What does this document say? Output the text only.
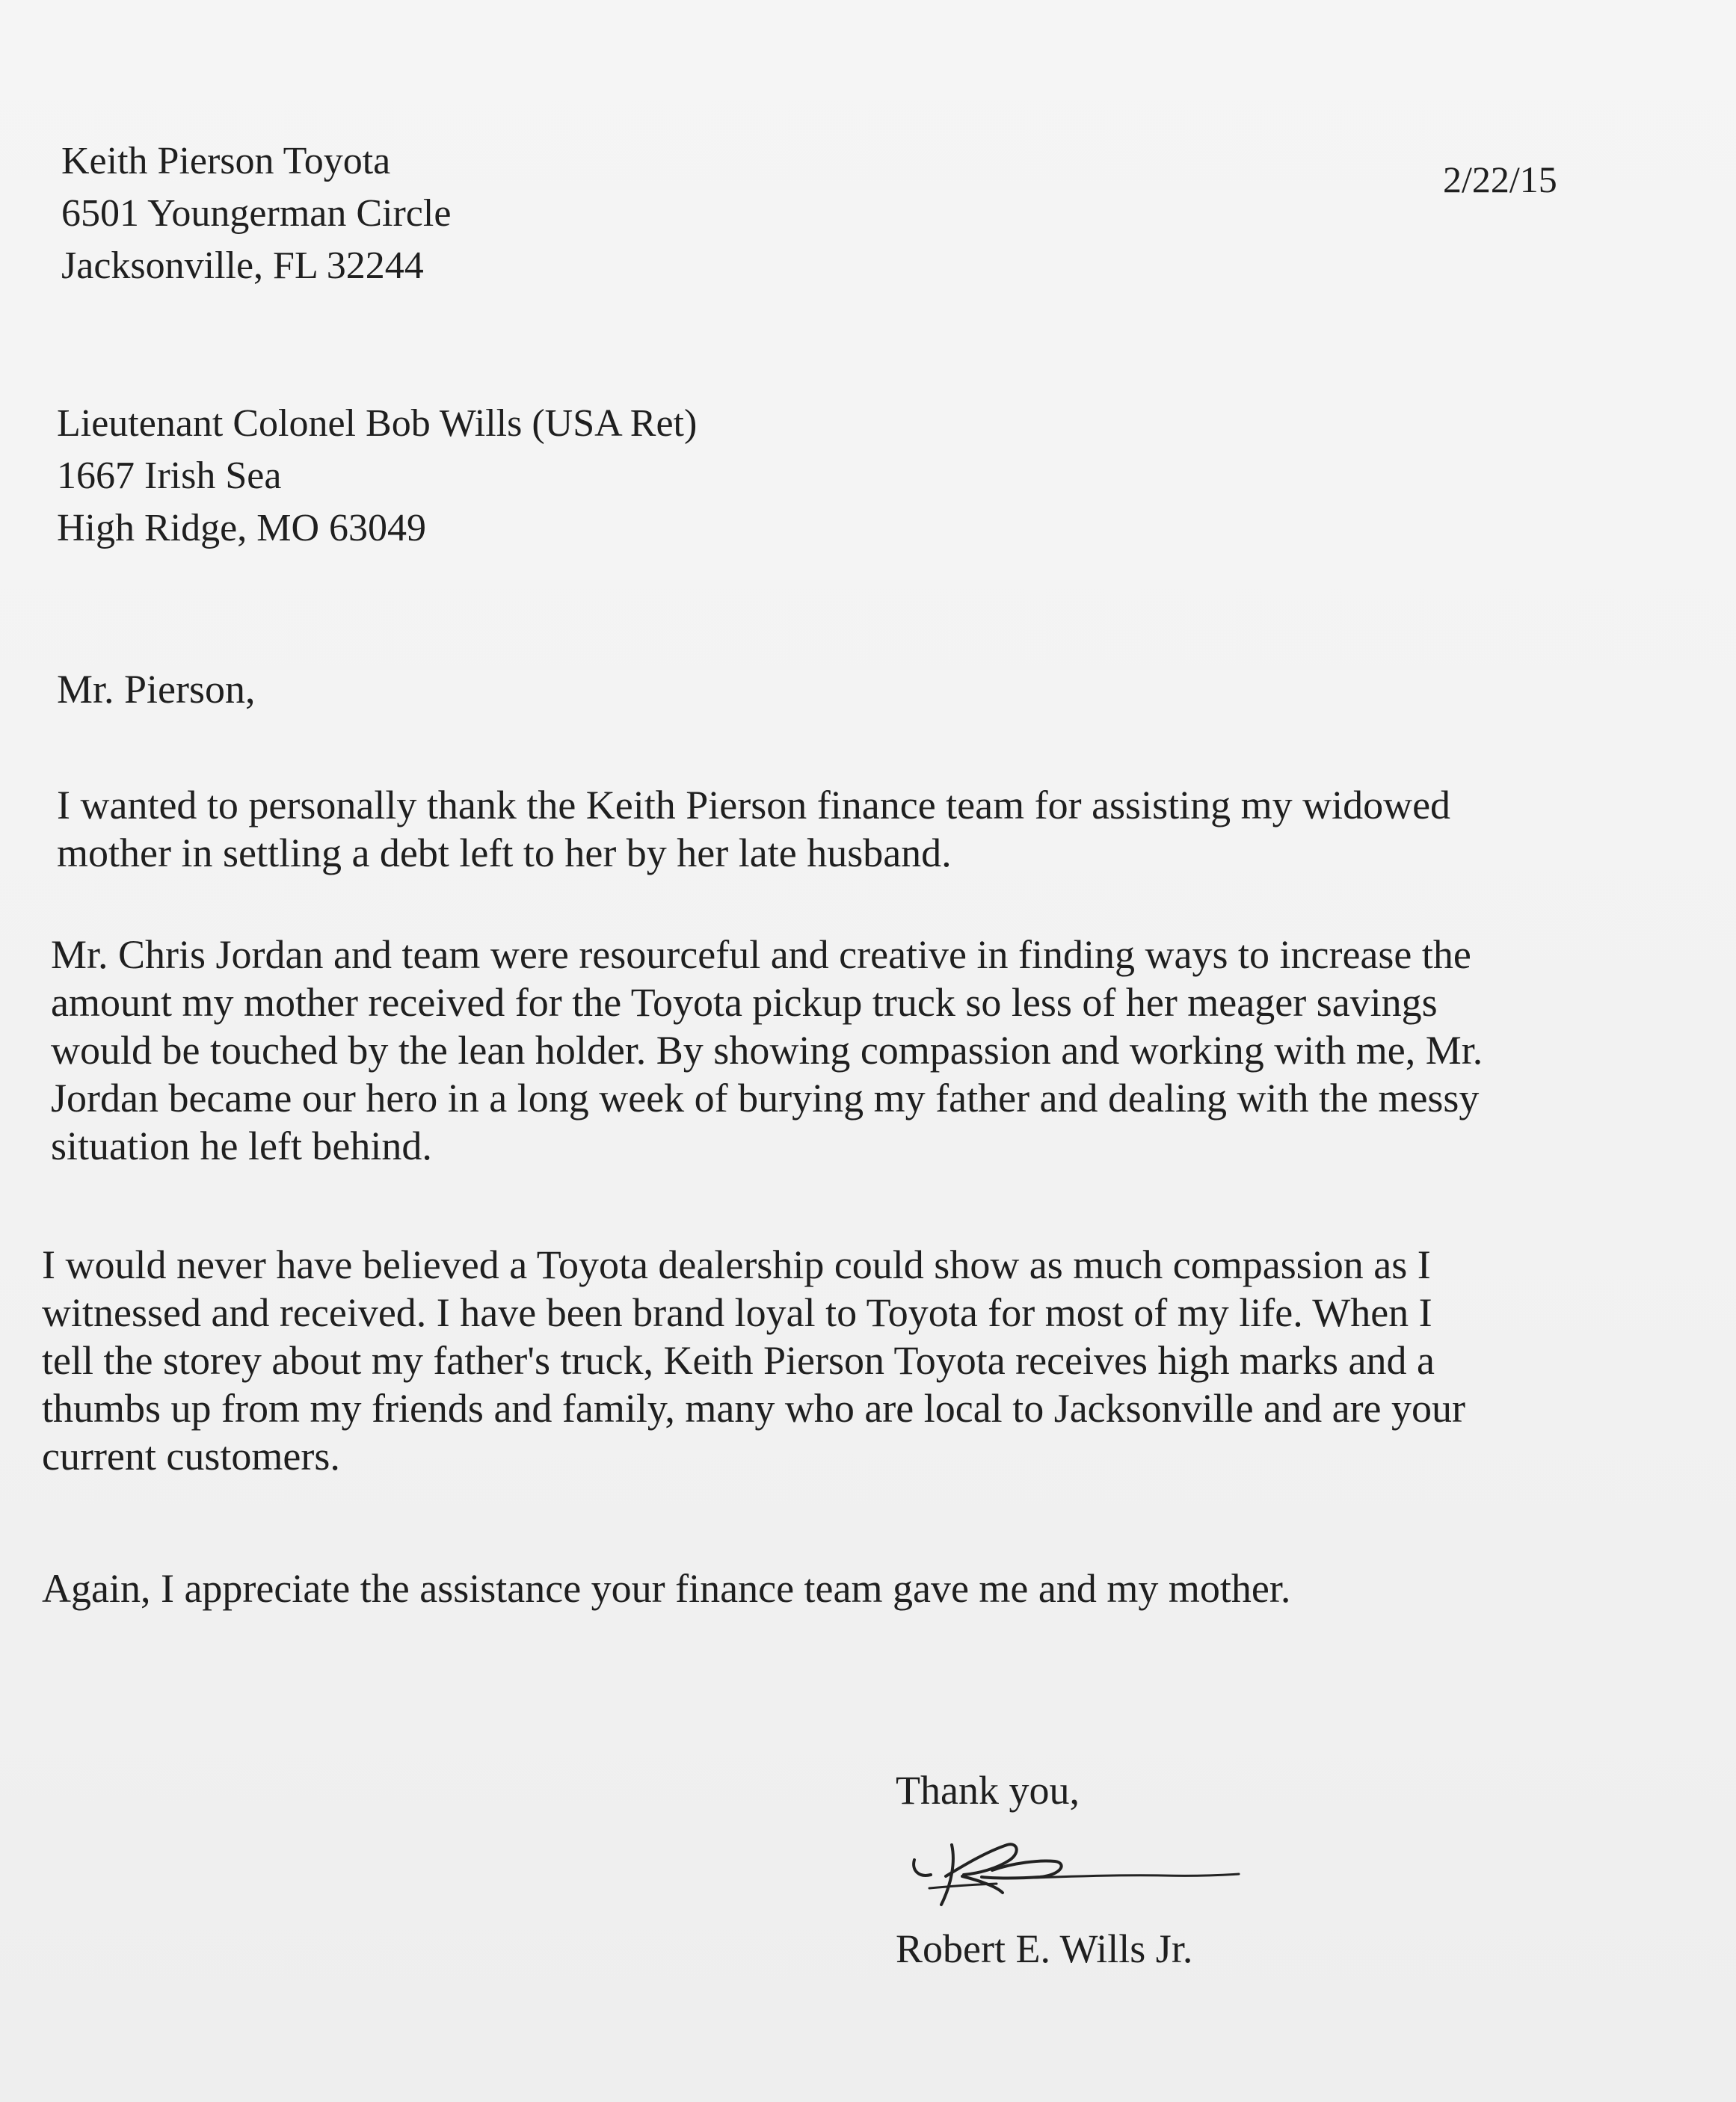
Keith Pierson Toyota
6501 Youngerman Circle
Jacksonville, FL 32244
2/22/15
Lieutenant Colonel Bob Wills (USA Ret)
1667 Irish Sea
High Ridge, MO 63049
Mr. Pierson,
I wanted to personally thank the Keith Pierson finance team for assisting my widowed
mother in settling a debt left to her by her late husband.
Mr. Chris Jordan and team were resourceful and creative in finding ways to increase the
amount my mother received for the Toyota pickup truck so less of her meager savings
would be touched by the lean holder. By showing compassion and working with me, Mr.
Jordan became our hero in a long week of burying my father and dealing with the messy
situation he left behind.
I would never have believed a Toyota dealership could show as much compassion as I
witnessed and received. I have been brand loyal to Toyota for most of my life. When I
tell the storey about my father's truck, Keith Pierson Toyota receives high marks and a
thumbs up from my friends and family, many who are local to Jacksonville and are your
current customers.
Again, I appreciate the assistance your finance team gave me and my mother.
Thank you,
Robert E. Wills Jr.
